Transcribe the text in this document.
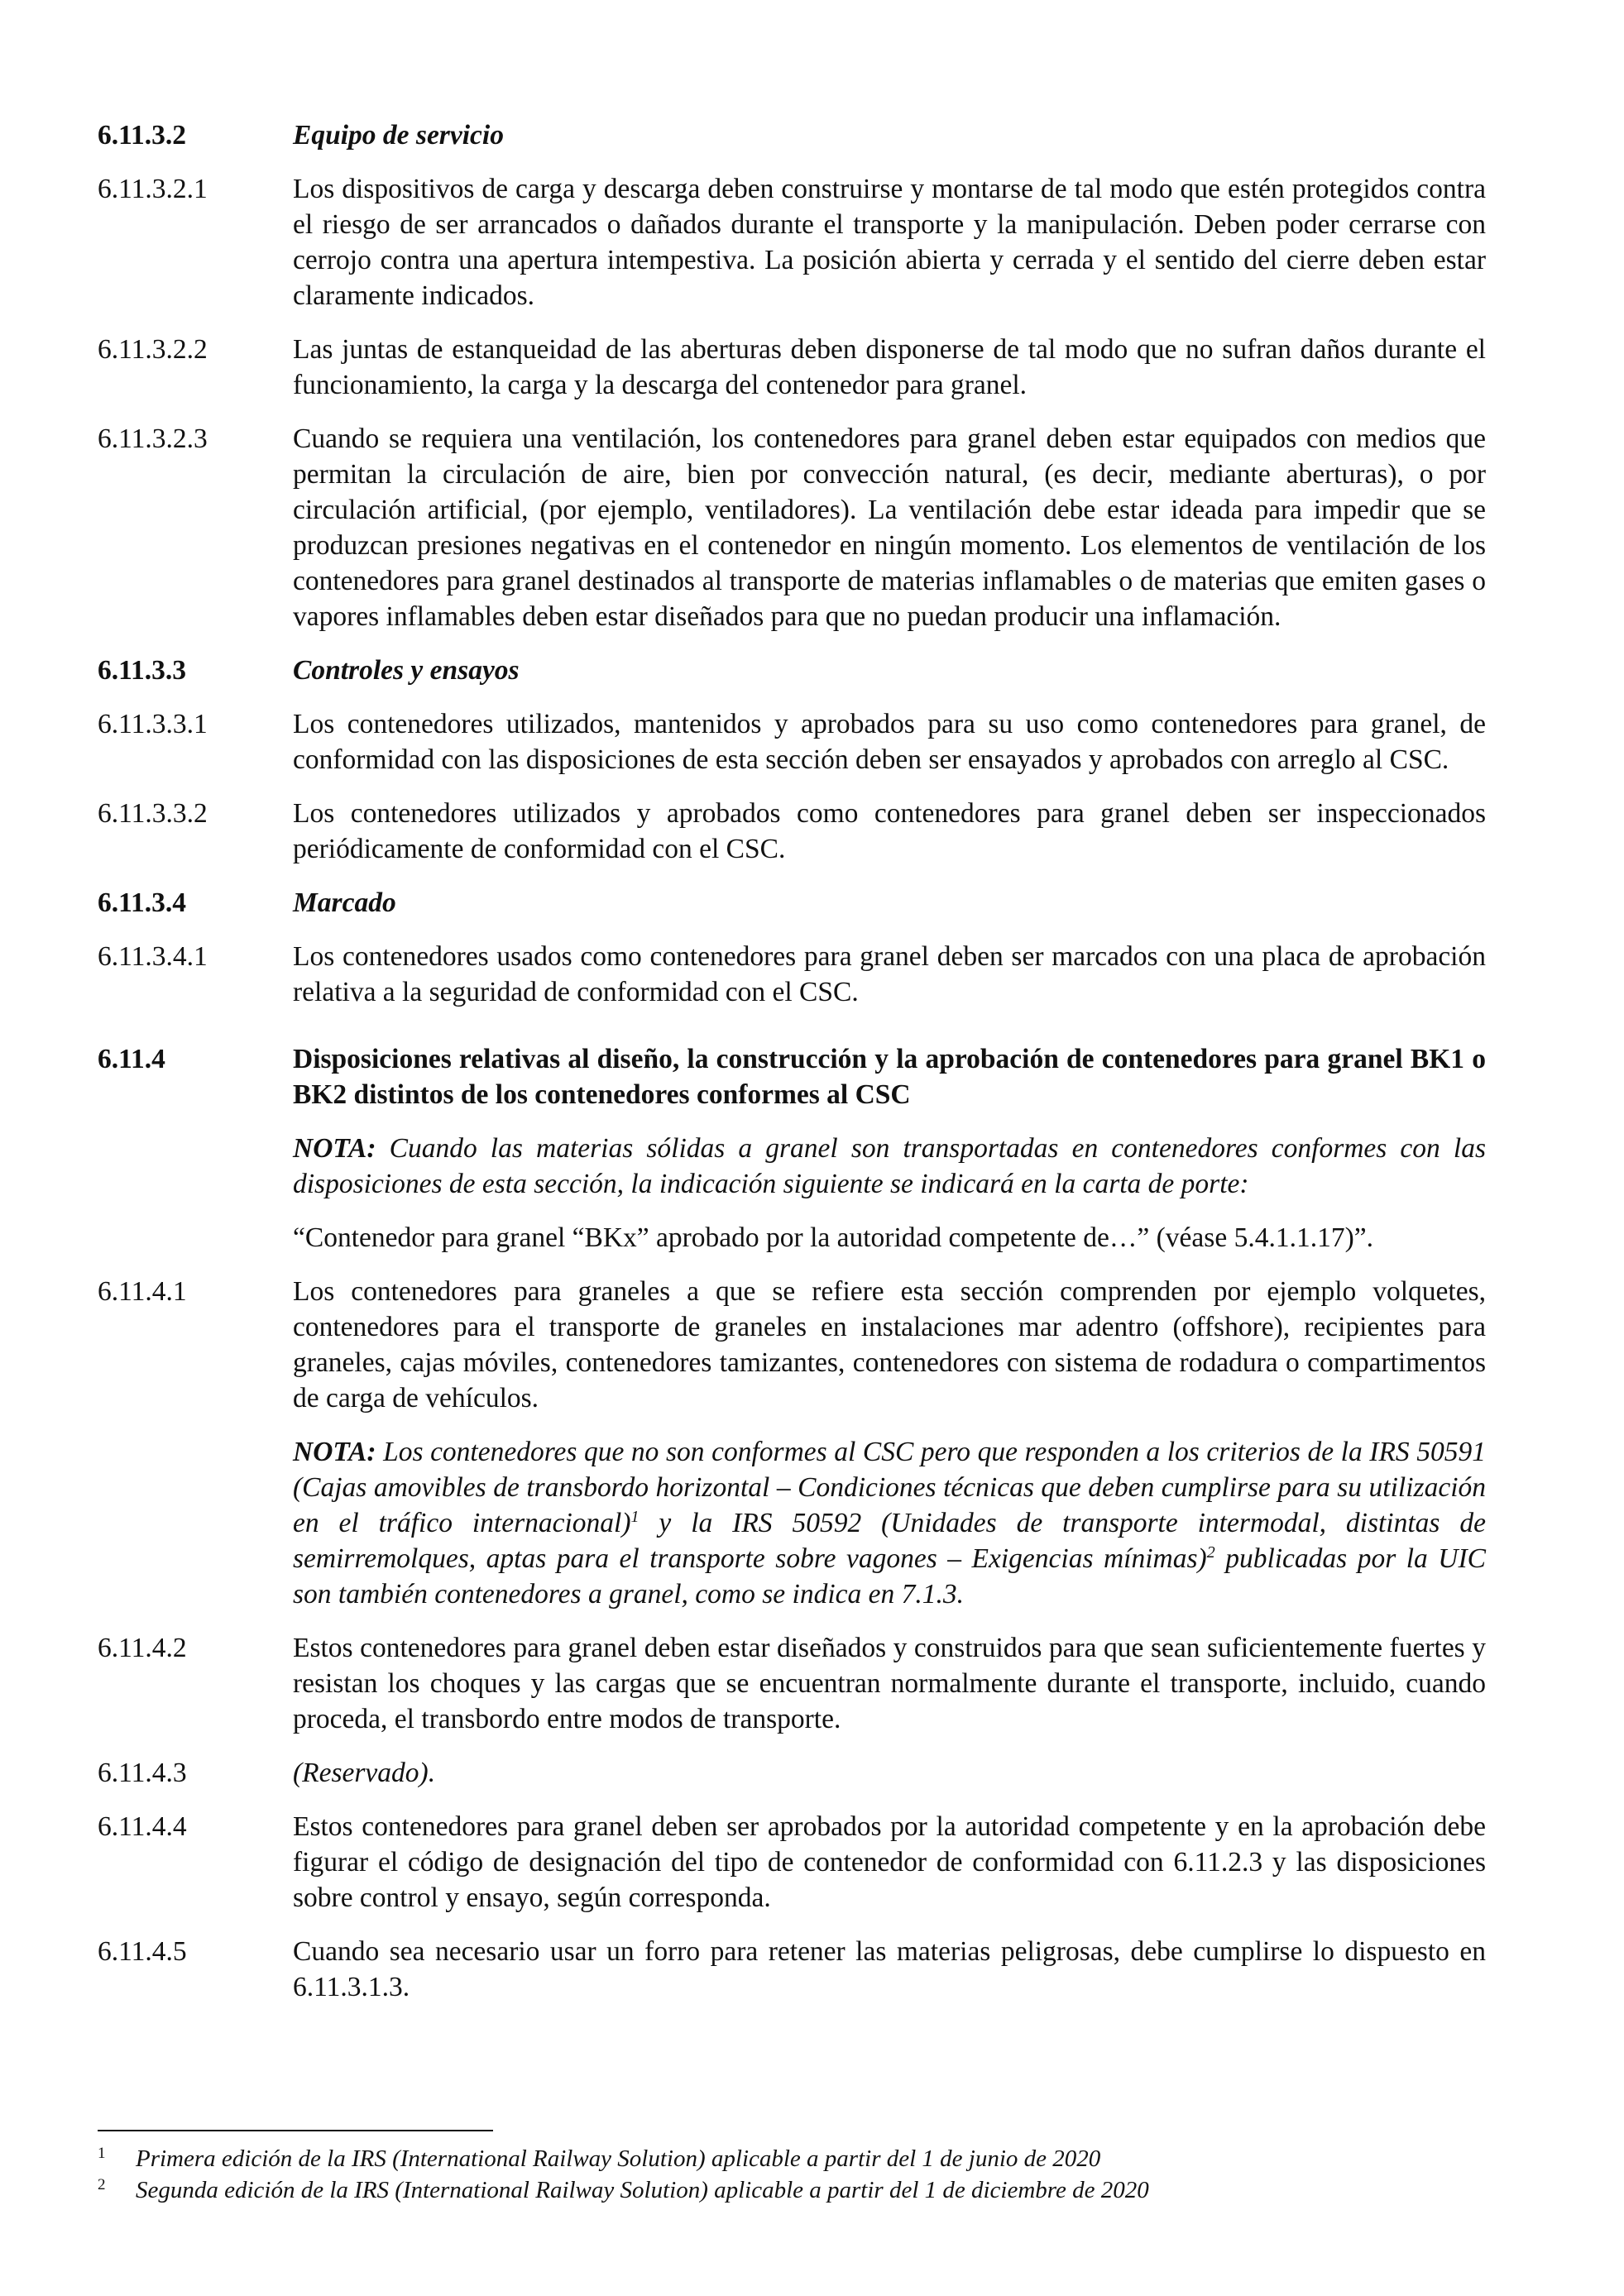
6.11.3.2	Equipo de servicio
6.11.3.2.1	Los dispositivos de carga y descarga deben construirse y montarse de tal modo que estén protegidos contra el riesgo de ser arrancados o dañados durante el transporte y la manipulación. Deben poder cerrarse con cerrojo contra una apertura intempestiva. La posición abierta y cerrada y el sentido del cierre deben estar claramente indicados.
6.11.3.2.2	Las juntas de estanqueidad de las aberturas deben disponerse de tal modo que no sufran daños durante el funcionamiento, la carga y la descarga del contenedor para granel.
6.11.3.2.3	Cuando se requiera una ventilación, los contenedores para granel deben estar equipados con medios que permitan la circulación de aire, bien por convección natural, (es decir, mediante aberturas), o por circulación artificial, (por ejemplo, ventiladores). La ventilación debe estar ideada para impedir que se produzcan presiones negativas en el contenedor en ningún momento. Los elementos de ventilación de los contenedores para granel destinados al transporte de materias inflamables o de materias que emiten gases o vapores inflamables deben estar diseñados para que no puedan producir una inflamación.
6.11.3.3	Controles y ensayos
6.11.3.3.1	Los contenedores utilizados, mantenidos y aprobados para su uso como contenedores para granel, de conformidad con las disposiciones de esta sección deben ser ensayados y aprobados con arreglo al CSC.
6.11.3.3.2	Los contenedores utilizados y aprobados como contenedores para granel deben ser inspeccionados periódicamente de conformidad con el CSC.
6.11.3.4	Marcado
6.11.3.4.1	Los contenedores usados como contenedores para granel deben ser marcados con una placa de aprobación relativa a la seguridad de conformidad con el CSC.
6.11.4	Disposiciones relativas al diseño, la construcción y la aprobación de contenedores para granel BK1 o BK2 distintos de los contenedores conformes al CSC
NOTA: Cuando las materias sólidas a granel son transportadas en contenedores conformes con las disposiciones de esta sección, la indicación siguiente se indicará en la carta de porte:
“Contenedor para granel “BKx” aprobado por la autoridad competente de…” (véase 5.4.1.1.17)”.
6.11.4.1	Los contenedores para graneles a que se refiere esta sección comprenden por ejemplo volquetes, contenedores para el transporte de graneles en instalaciones mar adentro (offshore), recipientes para graneles, cajas móviles, contenedores tamizantes, contenedores con sistema de rodadura o compartimentos de carga de vehículos.
NOTA: Los contenedores que no son conformes al CSC pero que responden a los criterios de la IRS 50591 (Cajas amovibles de transbordo horizontal – Condiciones técnicas que deben cumplirse para su utilización en el tráfico internacional)$^1$ y la IRS 50592 (Unidades de transporte intermodal, distintas de semirremolques, aptas para el transporte sobre vagones – Exigencias mínimas)$^2$ publicadas por la UIC son también contenedores a granel, como se indica en 7.1.3.
6.11.4.2	Estos contenedores para granel deben estar diseñados y construidos para que sean suficientemente fuertes y resistan los choques y las cargas que se encuentran normalmente durante el transporte, incluido, cuando proceda, el transbordo entre modos de transporte.
6.11.4.3	(Reservado).
6.11.4.4	Estos contenedores para granel deben ser aprobados por la autoridad competente y en la aprobación debe figurar el código de designación del tipo de contenedor de conformidad con 6.11.2.3 y las disposiciones sobre control y ensayo, según corresponda.
6.11.4.5	Cuando sea necesario usar un forro para retener las materias peligrosas, debe cumplirse lo dispuesto en 6.11.3.1.3.
1	Primera edición de la IRS (International Railway Solution) aplicable a partir del 1 de junio de 2020
2	Segunda edición de la IRS (International Railway Solution) aplicable a partir del 1 de diciembre de 2020
